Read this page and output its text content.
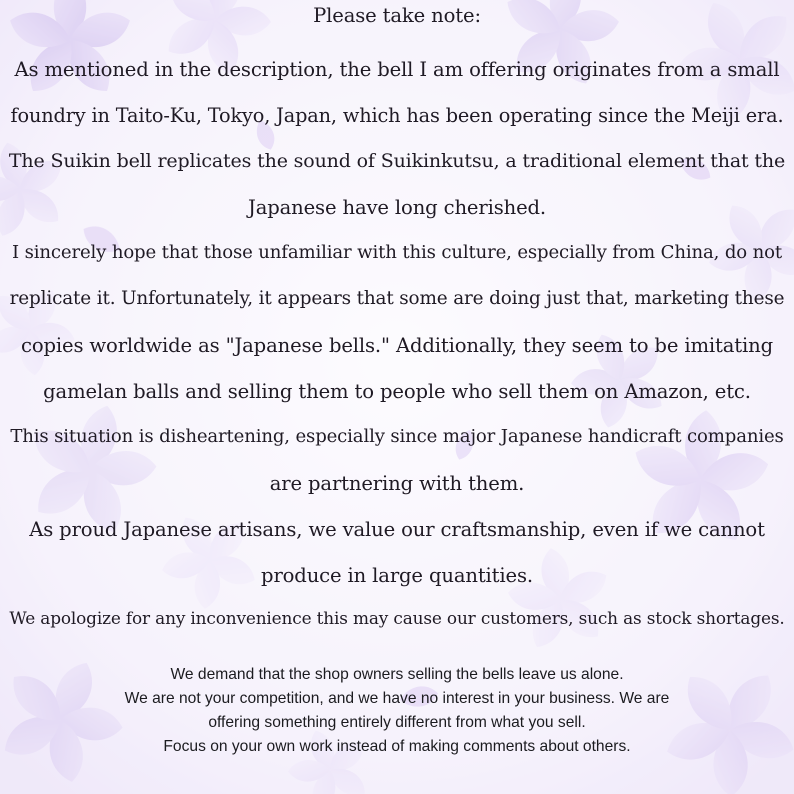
Please take note:
As mentioned in the description, the bell I am offering originates from a small
foundry in Taito-Ku, Tokyo, Japan, which has been operating since the Meiji era.
The Suikin bell replicates the sound of Suikinkutsu, a traditional element that the
Japanese have long cherished.
I sincerely hope that those unfamiliar with this culture, especially from China, do not
replicate it. Unfortunately, it appears that some are doing just that, marketing these
copies worldwide as "Japanese bells." Additionally, they seem to be imitating
gamelan balls and selling them to people who sell them on Amazon, etc.
This situation is disheartening, especially since major Japanese handicraft companies
are partnering with them.
As proud Japanese artisans, we value our craftsmanship, even if we cannot
produce in large quantities.
We apologize for any inconvenience this may cause our customers, such as stock shortages.
We demand that the shop owners selling the bells leave us alone.
We are not your competition, and we have no interest in your business. We are
offering something entirely different from what you sell.
Focus on your own work instead of making comments about others.
